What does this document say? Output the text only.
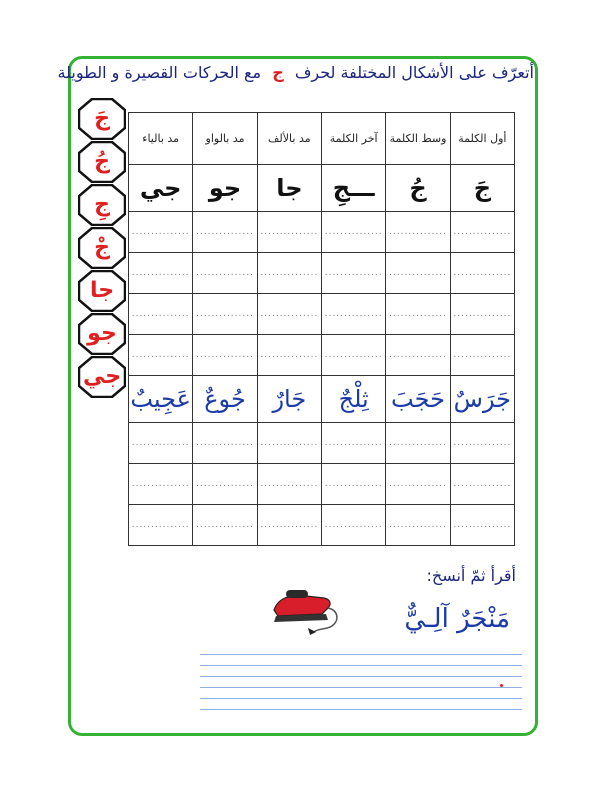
أتعرّف على الأشكال المختلفة لحرف ج مع الحركات القصيرة و الطويلة
جَ
جُ
جِ
جْ
جا
جو
جي
أول الكلمة	وسط الكلمة	آخر الكلمة	مد بالألف	مد بالواو	مد بالياء
جَ	جُ	ـــجِ	جا	جو	جي
...............	...............	...............	...............	...............	...............
...............	...............	...............	...............	...............	...............
...............	...............	...............	...............	...............	...............
...............	...............	...............	...............	...............	...............
جَرَسٌ	حَجَبَ	ثِلْجٌ	جَارٌ	جُوعٌ	عَجِيبٌ
...............	...............	...............	...............	...............	...............
...............	...............	...............	...............	...............	...............
...............	...............	...............	...............	...............	...............
أقرأ ثمّ أنسخ:
مَنْجَرٌ آلِـيٌّ
